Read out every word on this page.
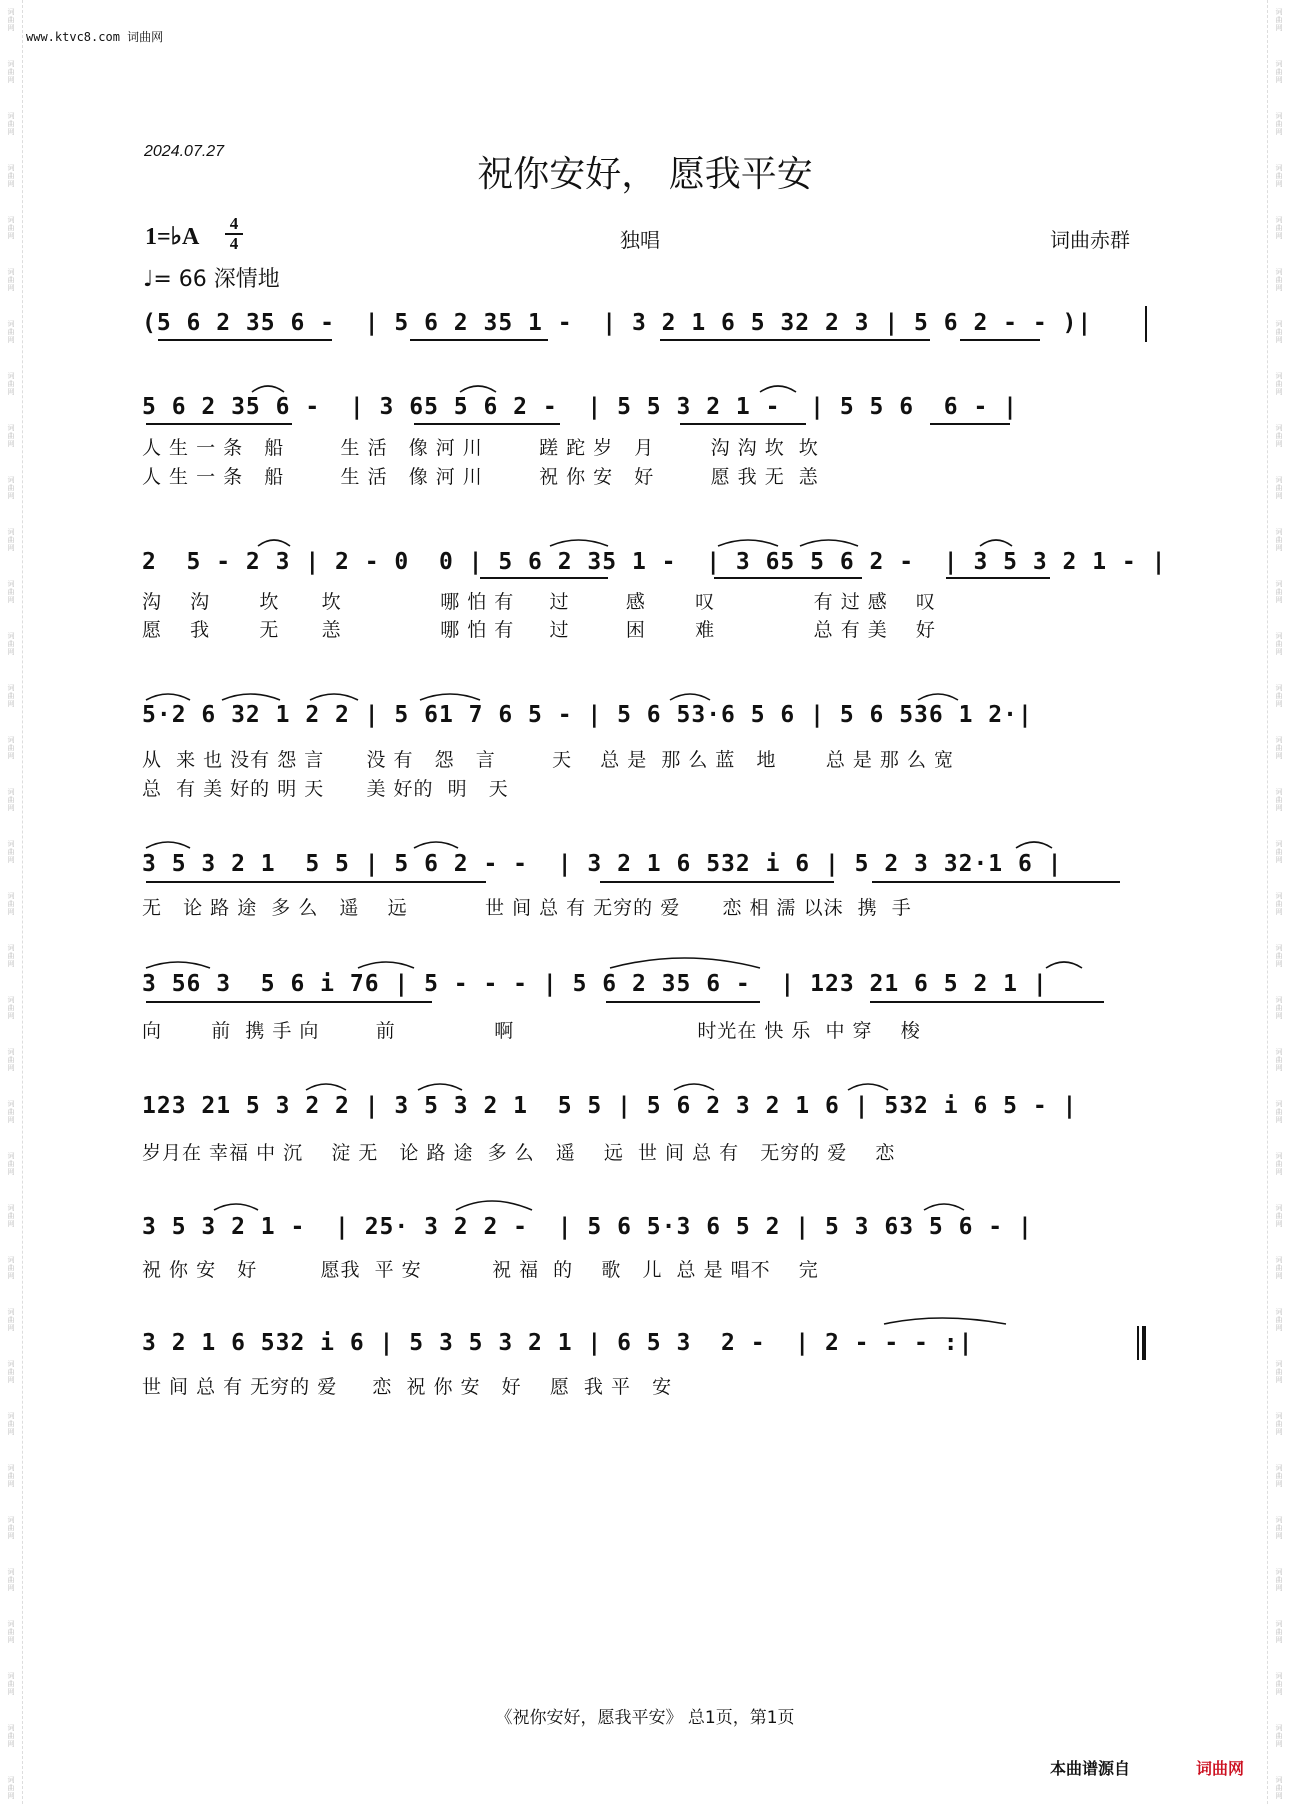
词
曲
网
词
曲
网
词
曲
网
词
曲
网
词
曲
网
词
曲
网
词
曲
网
词
曲
网
词
曲
网
词
曲
网
词
曲
网
词
曲
网
词
曲
网
词
曲
网
词
曲
网
词
曲
网
词
曲
网
词
曲
网
词
曲
网
词
曲
网
词
曲
网
词
曲
网
词
曲
网
词
曲
网
词
曲
网
词
曲
网
词
曲
网
词
曲
网
词
曲
网
词
曲
网
词
曲
网
词
曲
网
词
曲
网
词
曲
网
词
曲
网
词
曲
网
词
曲
网
词
曲
网
词
曲
网
词
曲
网
词
曲
网
词
曲
网
词
曲
网
词
曲
网
词
曲
网
词
曲
网
词
曲
网
词
曲
网
词
曲
网
词
曲
网
词
曲
网
词
曲
网
词
曲
网
词
曲
网
词
曲
网
词
曲
网
词
曲
网
词
曲
网
词
曲
网
词
曲
网
词
曲
网
词
曲
网
词
曲
网
词
曲
网
词
曲
网
词
曲
网
词
曲
网
词
曲
网
词
曲
网
词
曲
网
www.ktvc8.com 词曲网
2024.07.27
祝你安好， 愿我平安
1=♭A
4
4
♩= 66 深情地
独唱	词曲赤群
(5 6 2 35 6 -  | 5 6 2 35 1 -  | 3 2 1 6 5 32 2 3 | 5 6 2 - - )|
5 6 2 35 6 -  | 3 65 5 6 2 -  | 5 5 3 2 1 -  | 5 5 6  6 - |
人 生 一 条   船        生 活   像 河 川        蹉 跎 岁   月        沟 沟 坎  坎
人 生 一 条   船        生 活   像 河 川        祝 你 安   好        愿 我 无  恙
2  5 - 2 3 | 2 - 0  0 | 5 6 2 35 1 -  | 3 65 5 6 2 -  | 3 5 3 2 1 - |
沟    沟       坎      坎              哪 怕 有     过        感       叹              有 过 感    叹
愿    我       无      恙              哪 怕 有     过        困       难              总 有 美    好
5·2 6 32 1 2 2 | 5 61 7 6 5 - | 5 6 53·6 5 6 | 5 6 536 1 2·|
从  来 也 没有 怨 言      没 有   怨   言        天    总 是  那 么 蓝   地       总 是 那 么 宽
总  有 美 好的 明 天      美 好的  明   天
3 5 3 2 1  5 5 | 5 6 2 - -  | 3 2 1 6 532 i 6 | 5 2 3 32·1 6 |
无   论 路 途  多 么   遥    远           世 间 总 有 无穷的 爱      恋 相 濡 以沫  携  手
3 56 3  5 6 i 76 | 5 - - - | 5 6 2 35 6 -  | 123 21 6 5 2 1 |
向       前  携 手 向        前              啊                          时光在 快 乐  中 穿    梭
123 21 5 3 2 2 | 3 5 3 2 1  5 5 | 5 6 2 3 2 1 6 | 532 i 6 5 - |
岁月在 幸福 中 沉    淀 无   论 路 途  多 么   遥    远  世 间 总 有   无穷的 爱    恋
3 5 3 2 1 -  | 25· 3 2 2 -  | 5 6 5·3 6 5 2 | 5 3 63 5 6 - |
祝 你 安   好         愿我  平 安          祝 福  的    歌   儿  总 是 唱不    完
3 2 1 6 532 i 6 | 5 3 5 3 2 1 | 6 5 3  2 -  | 2 - - - :|
世 间 总 有 无穷的 爱     恋  祝 你 安   好    愿  我 平   安
《祝你安好，愿我平安》 总1页，第1页
本曲谱源自	词曲网
